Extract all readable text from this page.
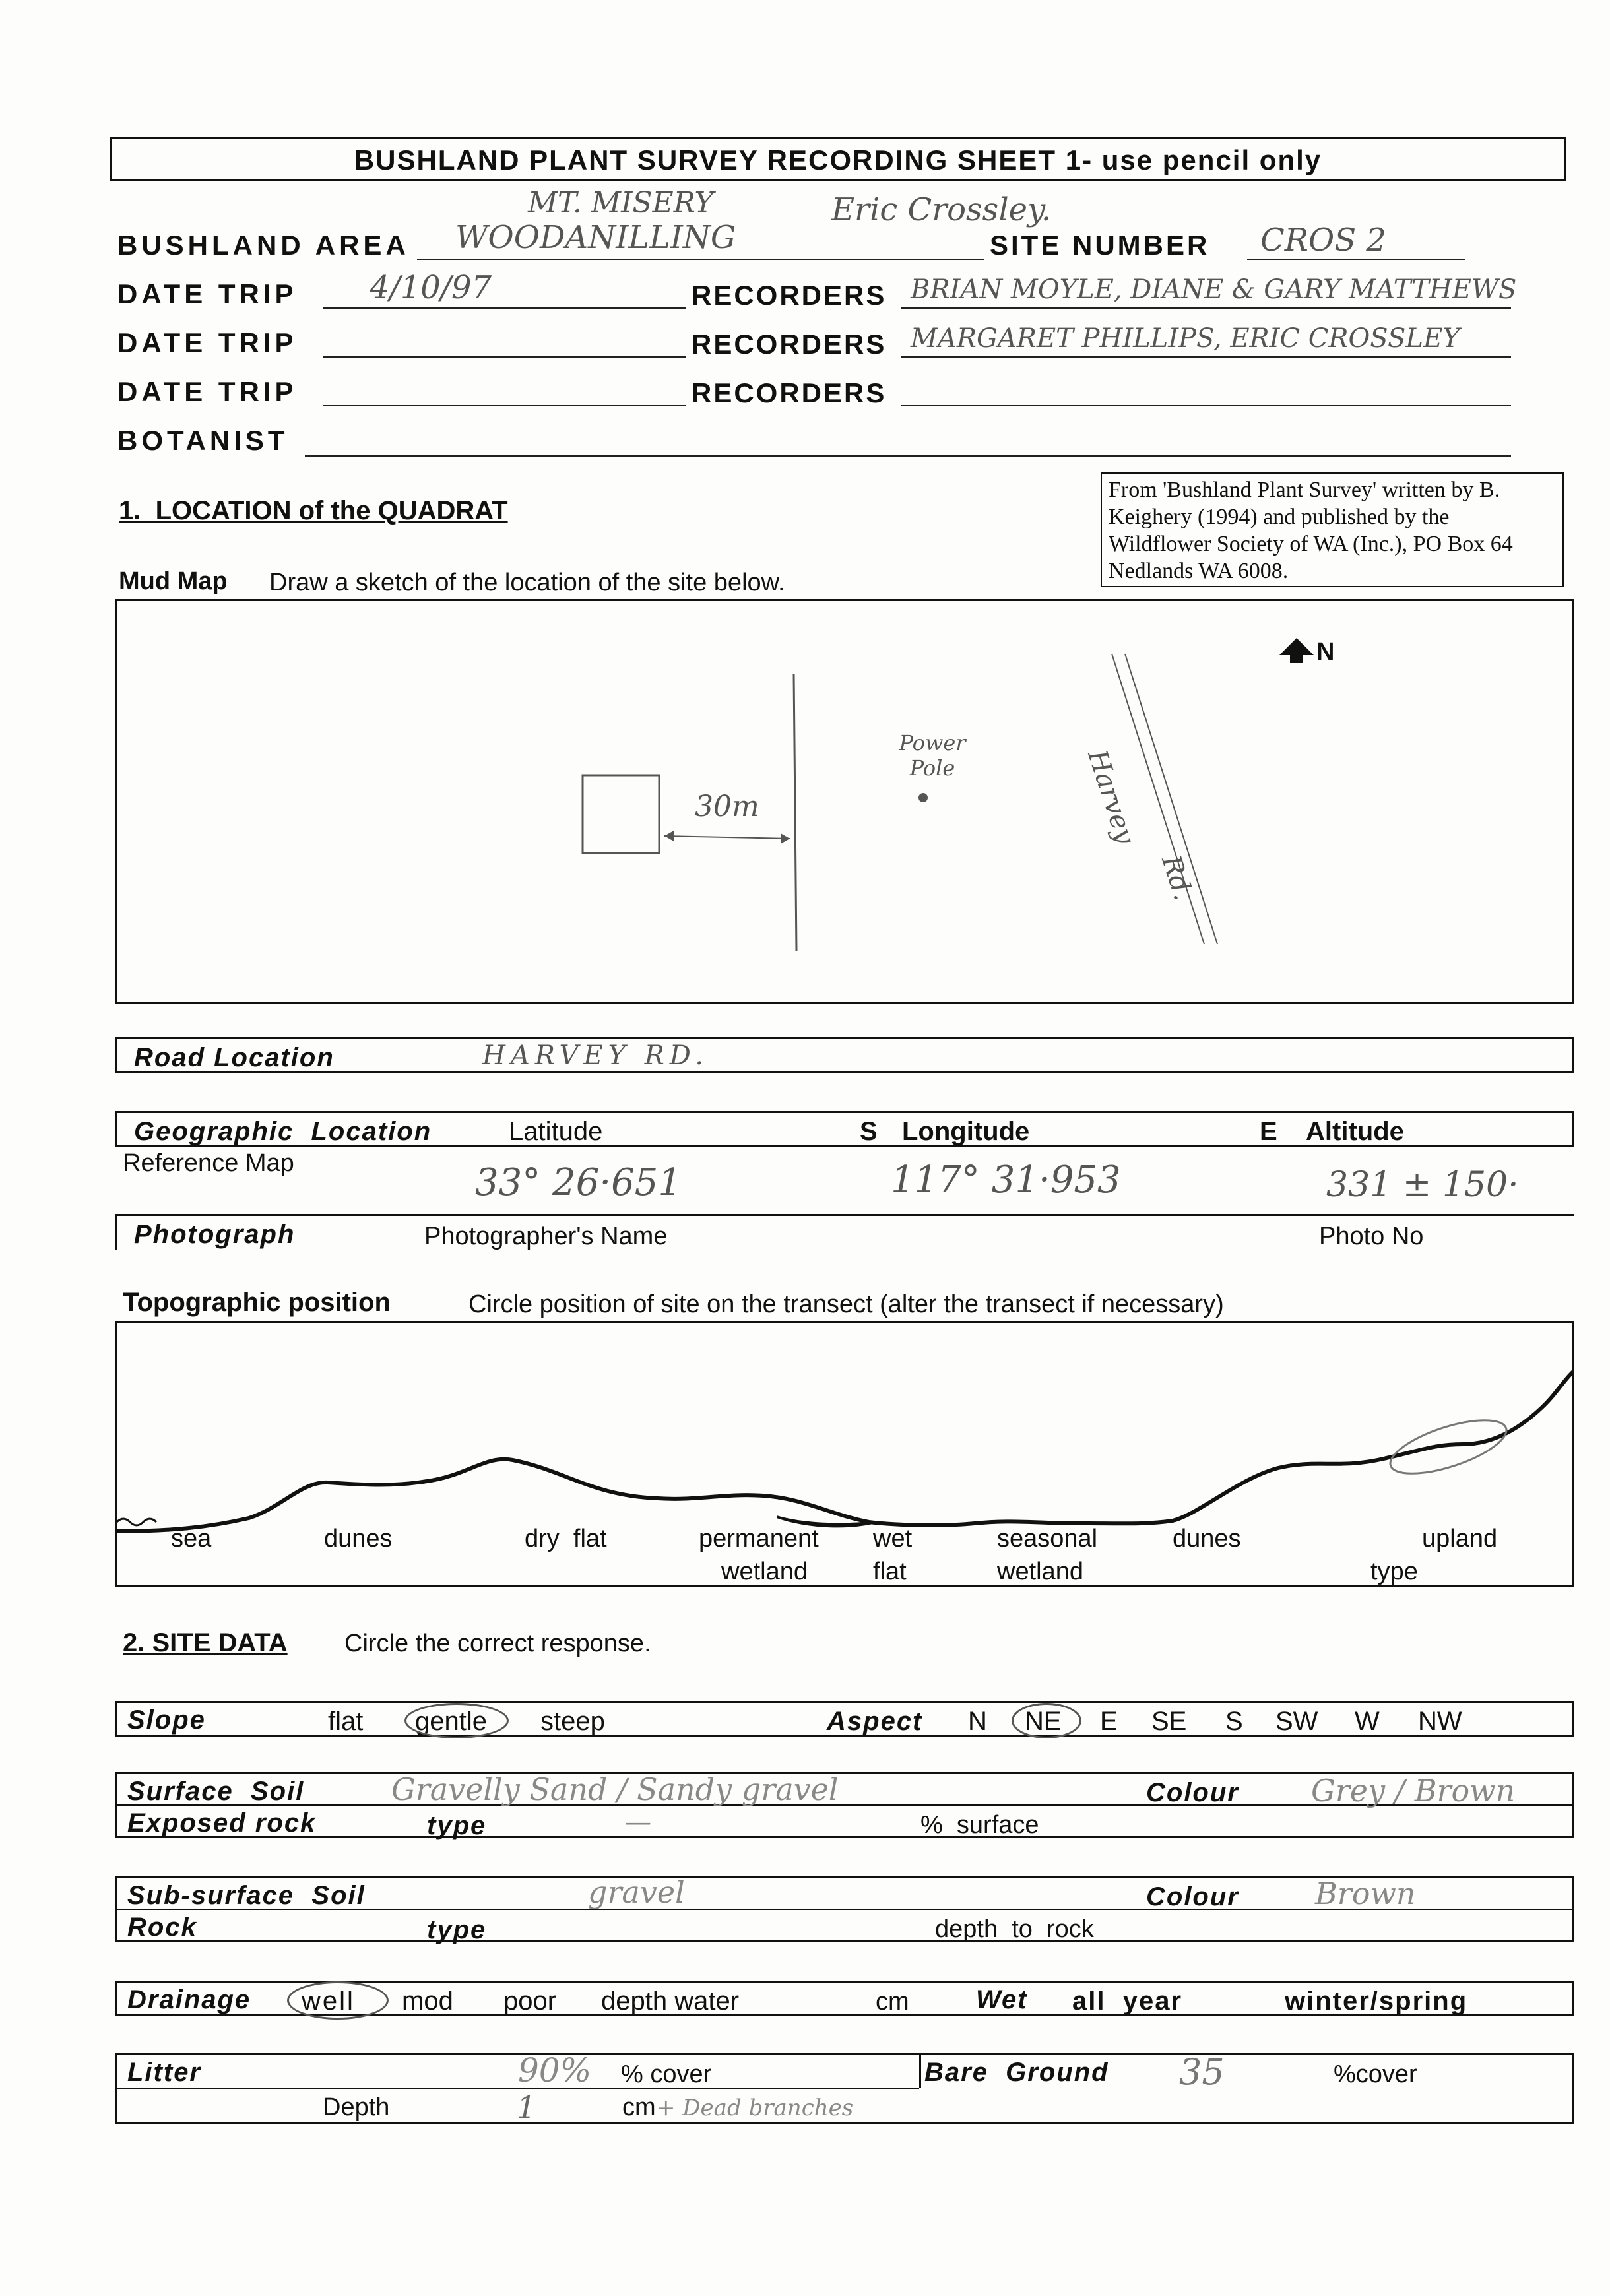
BUSHLAND PLANT SURVEY RECORDING SHEET 1- use pencil only
MT. MISERY	Eric Crossley.
BUSHLAND AREA WOODANILLING	SITE NUMBER CROS 2
DATE TRIP 4/10/97	RECORDERS BRIAN MOYLE, DIANE & GARY MATTHEWS
DATE TRIP	RECORDERS MARGARET PHILLIPS, ERIC CROSSLEY
DATE TRIP	RECORDERS
BOTANIST
1.  LOCATION of the QUADRAT
From 'Bushland Plant Survey' written by B. Keighery (1994) and published by the Wildflower Society of WA (Inc.), PO Box 64 Nedlands WA 6008.
Mud Map Draw a sketch of the location of the site below.
N
30m
Power Pole	Harvey
Rd.
Road Location	HARVEY RD.
Geographic  Location	Latitude	S Longitude	E Altitude
Reference Map	33° 26·651	117° 31·953	331 ± 150·
Photograph	Photographer's Name	Photo No
Topographic position	Circle position of site on the transect (alter the transect if necessary)
sea	dunes	dry  flat	permanent
wetland
wet
flat
seasonal
wetland
dunes	upland
type
2. SITE DATA Circle the correct response.
Slope	flat gentle steep	Aspect N NE E SE S SW W NW
Surface  Soil	Gravelly Sand / Sandy gravel	Colour Grey / Brown
Exposed rock	type	—	%  surface
Sub-surface  Soil	gravel	Colour	Brown
Rock	type	depth  to  rock
Drainage well mod poor depth water	cm	Wet all  year	winter/spring
Litter	90% % cover
Depth	1	cm + Dead branches
Bare  Ground 35	%cover
